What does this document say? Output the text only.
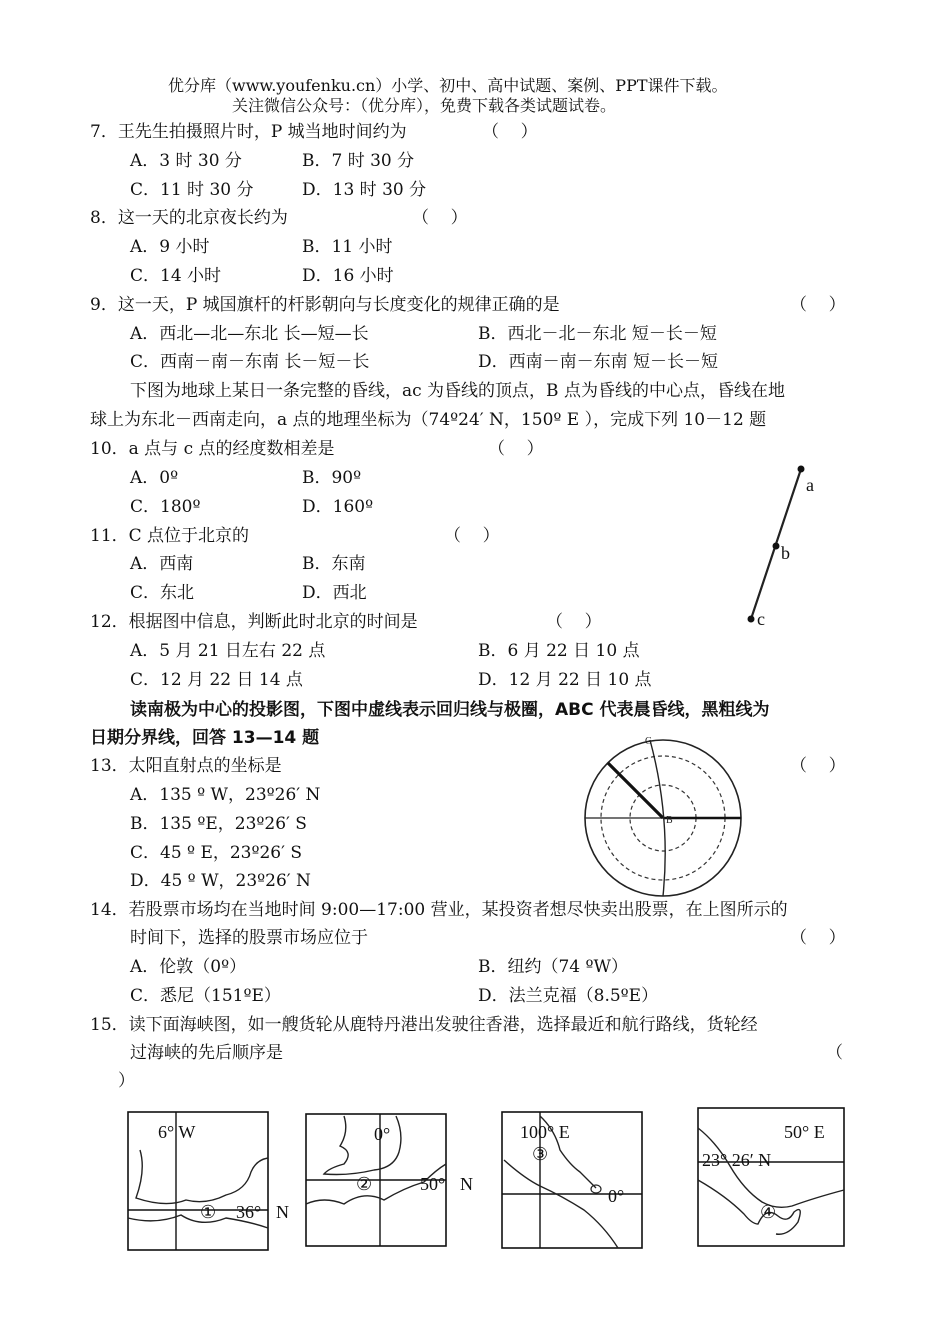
优分库（www.youfenku.cn）小学、初中、高中试题、案例、PPT课件下载。
关注微信公众号：（优分库），免费下载各类试题试卷。
7．王先生拍摄照片时，P 城当地时间约为	（    ）
A．3 时 30 分	B．7 时 30 分
C．11 时 30 分	D．13 时 30 分
8．这一天的北京夜长约为	（    ）
A．9 小时	B．11 小时
C．14 小时	D．16 小时
9．这一天，P 城国旗杆的杆影朝向与长度变化的规律正确的是	（    ）
A．西北—北—东北 长—短—长	B．西北－北－东北 短－长－短
C．西南－南－东南 长－短－长	D．西南－南－东南 短－长－短
下图为地球上某日一条完整的昏线，ac 为昏线的顶点，B 点为昏线的中心点，昏线在地
球上为东北－西南走向，a 点的地理坐标为（74º24′ N，150º E ），完成下列 10－12 题
10．a 点与 c 点的经度数相差是	（    ）
A．0º	B．90º
C．180º	D．160º
11．C 点位于北京的	（    ）
A．西南	B．东南
C．东北	D．西北
12．根据图中信息，判断此时北京的时间是	（    ）
A．5 月 21 日左右 22 点	B．6 月 22 日 10 点
C．12 月 22 日 14 点	D．12 月 22 日 10 点
a
b
c
读南极为中心的投影图，下图中虚线表示回归线与极圈，ABC 代表晨昏线，黑粗线为
日期分界线，回答 13—14 题
13．太阳直射点的坐标是	（    ）
A．135 º W，23º26′ N
B．135 ºE，23º26′ S
C．45 º E，23º26′ S
D．45 º W，23º26′ N
C
B
14．若股票市场均在当地时间 9:00—17:00 营业，某投资者想尽快卖出股票，在上图所示的
时间下，选择的股票市场应位于	（    ）
A．伦敦（0º）	B．纽约（74 ºW）
C．悉尼（151ºE）	D．法兰克福（8.5ºE）
15．读下面海峡图，如一艘货轮从鹿特丹港出发驶往香港，选择最近和航行路线，货轮经
过海峡的先后顺序是	（
）
6° W
① 36° N
0°
②	50° N
100° E
③
0°
50° E
23° 26′ N
④
